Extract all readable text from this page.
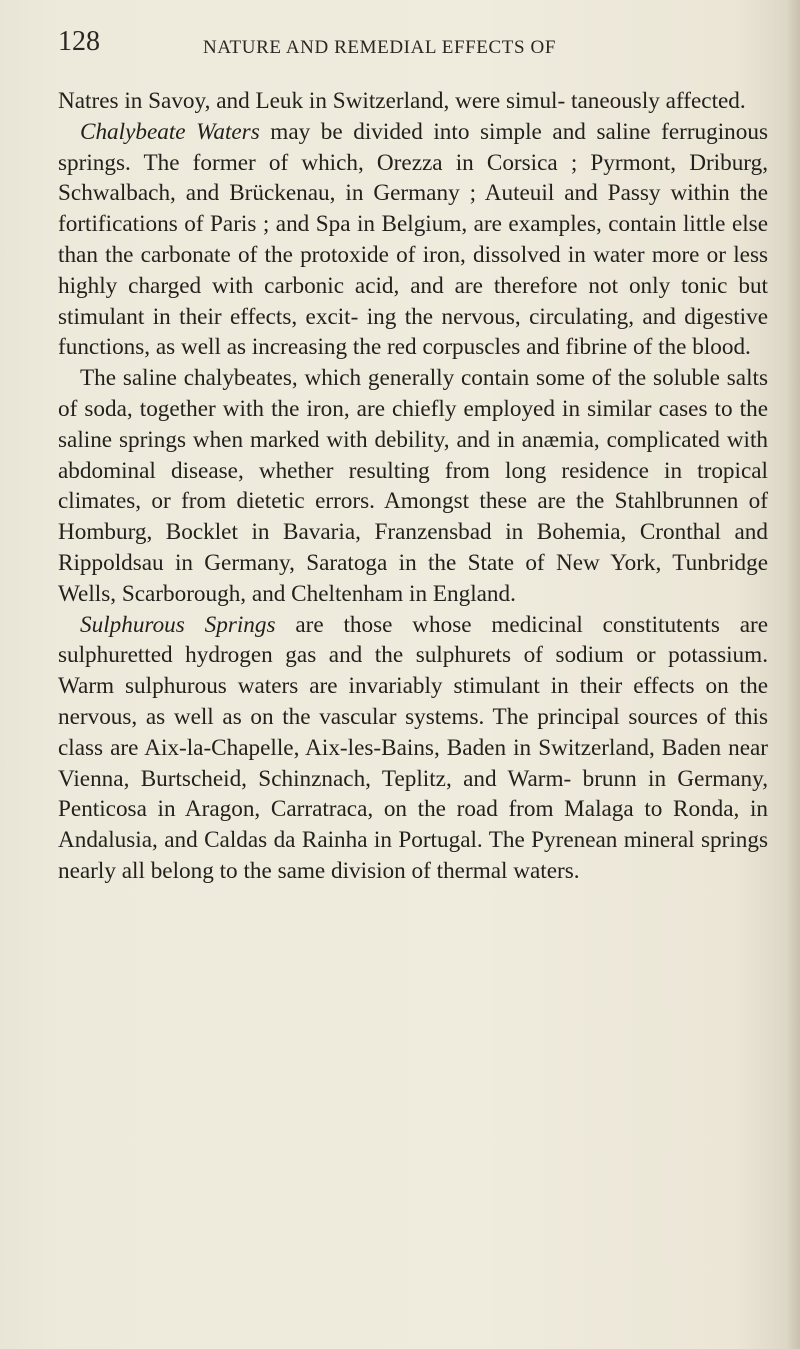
128	NATURE AND REMEDIAL EFFECTS OF

Natres in Savoy, and Leuk in Switzerland, were simul- taneously affected.

Chalybeate Waters may be divided into simple and saline ferruginous springs. The former of which, Orezza in Corsica ; Pyrmont, Driburg, Schwalbach, and Brückenau, in Germany ; Auteuil and Passy within the fortifications of Paris ; and Spa in Belgium, are examples, contain little else than the carbonate of the protoxide of iron, dissolved in water more or less highly charged with carbonic acid, and are therefore not only tonic but stimulant in their effects, excit- ing the nervous, circulating, and digestive functions, as well as increasing the red corpuscles and fibrine of the blood.

The saline chalybeates, which generally contain some of the soluble salts of soda, together with the iron, are chiefly employed in similar cases to the saline springs when marked with debility, and in anæmia, complicated with abdominal disease, whether resulting from long residence in tropical climates, or from dietetic errors. Amongst these are the Stahlbrunnen of Homburg, Bocklet in Bavaria, Franzensbad in Bohemia, Cronthal and Rippoldsau in Germany, Saratoga in the State of New York, Tunbridge Wells, Scarborough, and Cheltenham in England.

Sulphurous Springs are those whose medicinal constitutents are sulphuretted hydrogen gas and the sulphurets of sodium or potassium. Warm sulphurous waters are invariably stimulant in their effects on the nervous, as well as on the vascular systems. The principal sources of this class are Aix-la-Chapelle, Aix-les-Bains, Baden in Switzerland, Baden near Vienna, Burtscheid, Schinznach, Teplitz, and Warm- brunn in Germany, Penticosa in Aragon, Carratraca, on the road from Malaga to Ronda, in Andalusia, and Caldas da Rainha in Portugal. The Pyrenean mineral springs nearly all belong to the same division of thermal waters.
